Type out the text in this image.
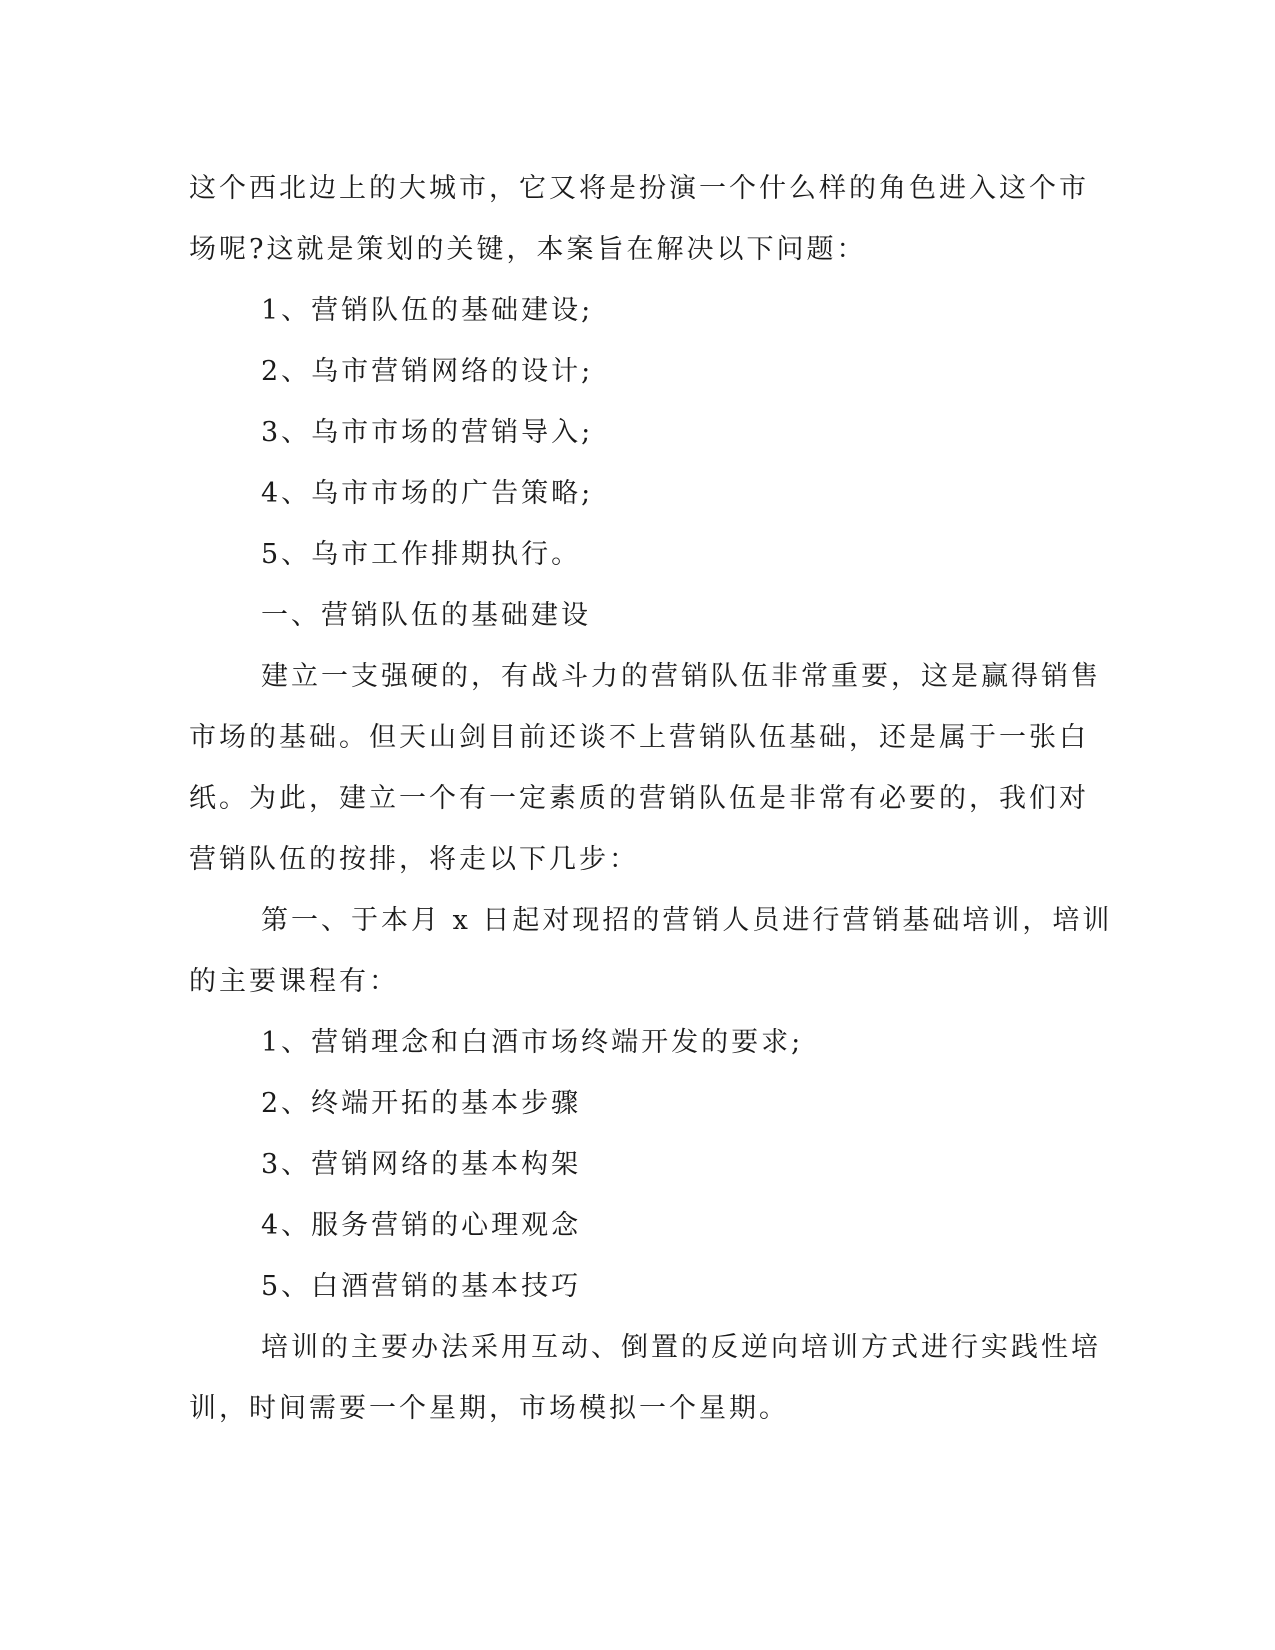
这个西北边上的大城市，它又将是扮演一个什么样的角色进入这个市
场呢?这就是策划的关键，本案旨在解决以下问题：
1、营销队伍的基础建设;
2、乌市营销网络的设计;
3、乌市市场的营销导入;
4、乌市市场的广告策略;
5、乌市工作排期执行。
一、营销队伍的基础建设
建立一支强硬的，有战斗力的营销队伍非常重要，这是赢得销售
市场的基础。但天山剑目前还谈不上营销队伍基础，还是属于一张白
纸。为此，建立一个有一定素质的营销队伍是非常有必要的，我们对
营销队伍的按排，将走以下几步：
第一、于本月 x 日起对现招的营销人员进行营销基础培训，培训
的主要课程有：
1、营销理念和白酒市场终端开发的要求;
2、终端开拓的基本步骤
3、营销网络的基本构架
4、服务营销的心理观念
5、白酒营销的基本技巧
培训的主要办法采用互动、倒置的反逆向培训方式进行实践性培
训，时间需要一个星期，市场模拟一个星期。
